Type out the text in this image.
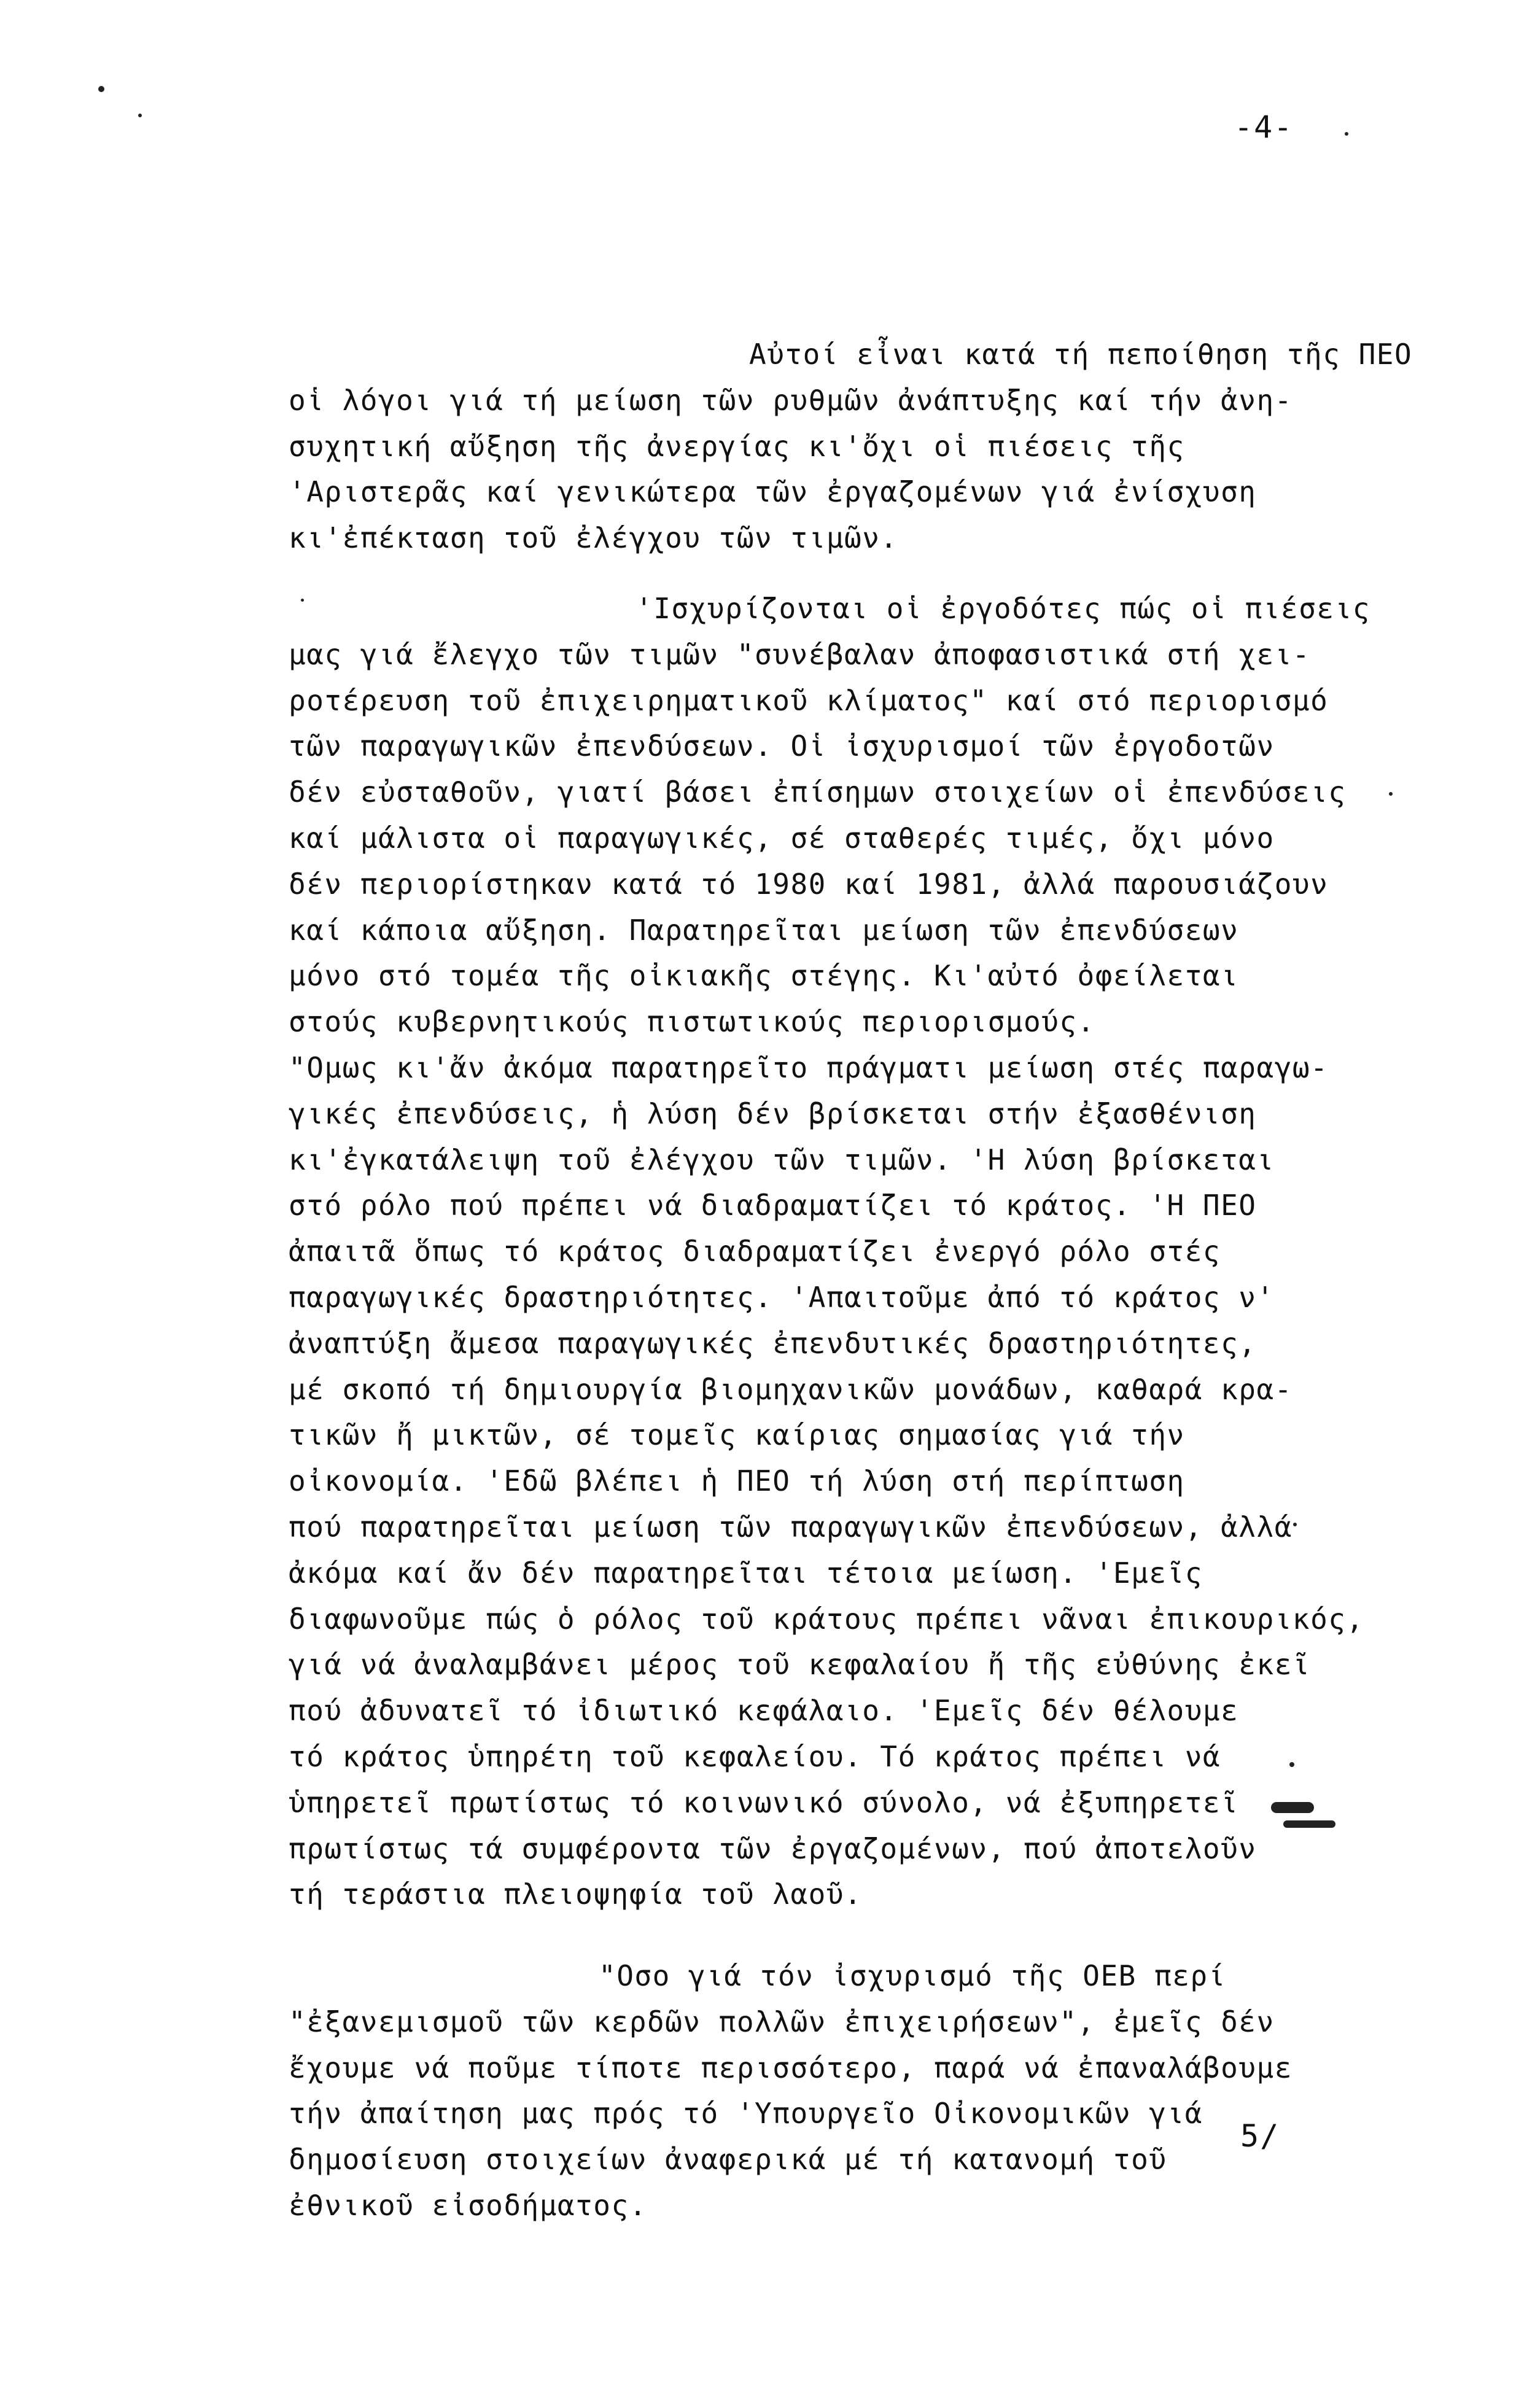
-4-
Αὐτοί εἶναι κατά τή πεποίθηση τῆς ΠΕΟ
οἱ λόγοι γιά τή μείωση τῶν ρυθμῶν ἀνάπτυξης καί τήν ἀνη-
συχητική αὔξηση τῆς ἀνεργίας κι'ὄχι οἱ πιέσεις τῆς
'Αριστερᾶς καί γενικώτερα τῶν ἐργαζομένων γιά ἐνίσχυση
κι'ἐπέκταση τοῦ ἐλέγχου τῶν τιμῶν.
'Ισχυρίζονται οἱ ἐργοδότες πώς οἱ πιέσεις
μας γιά ἔλεγχο τῶν τιμῶν "συνέβαλαν ἀποφασιστικά στή χει-
ροτέρευση τοῦ ἐπιχειρηματικοῦ κλίματος" καί στό περιορισμό
τῶν παραγωγικῶν ἐπενδύσεων. Οἱ ἰσχυρισμοί τῶν ἐργοδοτῶν
δέν εὐσταθοῦν, γιατί βάσει ἐπίσημων στοιχείων οἱ ἐπενδύσεις
καί μάλιστα οἱ παραγωγικές, σέ σταθερές τιμές, ὄχι μόνο
δέν περιορίστηκαν κατά τό 1980 καί 1981, ἀλλά παρουσιάζουν
καί κάποια αὔξηση. Παρατηρεῖται μείωση τῶν ἐπενδύσεων
μόνο στό τομέα τῆς οἰκιακῆς στέγης. Κι'αὐτό ὀφείλεται
στούς κυβερνητικούς πιστωτικούς περιορισμούς.
"Ομως κι'ἄν ἀκόμα παρατηρεῖτο πράγματι μείωση στές παραγω-
γικές ἐπενδύσεις, ἡ λύση δέν βρίσκεται στήν ἐξασθένιση
κι'ἐγκατάλειψη τοῦ ἐλέγχου τῶν τιμῶν. 'Η λύση βρίσκεται
στό ρόλο πού πρέπει νά διαδραματίζει τό κράτος. 'Η ΠΕΟ
ἀπαιτᾶ ὅπως τό κράτος διαδραματίζει ἐνεργό ρόλο στές
παραγωγικές δραστηριότητες. 'Απαιτοῦμε ἀπό τό κράτος ν'
ἀναπτύξη ἄμεσα παραγωγικές ἐπενδυτικές δραστηριότητες,
μέ σκοπό τή δημιουργία βιομηχανικῶν μονάδων, καθαρά κρα-
τικῶν ἤ μικτῶν, σέ τομεῖς καίριας σημασίας γιά τήν
οἰκονομία. 'Εδῶ βλέπει ἡ ΠΕΟ τή λύση στή περίπτωση
πού παρατηρεῖται μείωση τῶν παραγωγικῶν ἐπενδύσεων, ἀλλά
ἀκόμα καί ἄν δέν παρατηρεῖται τέτοια μείωση. 'Εμεῖς
διαφωνοῦμε πώς ὁ ρόλος τοῦ κράτους πρέπει νᾶναι ἐπικουρικός,
γιά νά ἀναλαμβάνει μέρος τοῦ κεφαλαίου ἤ τῆς εὐθύνης ἐκεῖ
πού ἀδυνατεῖ τό ἰδιωτικό κεφάλαιο. 'Εμεῖς δέν θέλουμε
τό κράτος ὑπηρέτη τοῦ κεφαλείου. Τό κράτος πρέπει νά
ὑπηρετεῖ πρωτίστως τό κοινωνικό σύνολο, νά ἐξυπηρετεῖ
πρωτίστως τά συμφέροντα τῶν ἐργαζομένων, πού ἀποτελοῦν
τή τεράστια πλειοψηφία τοῦ λαοῦ.
"Οσο γιά τόν ἰσχυρισμό τῆς ΟΕΒ περί
"ἐξανεμισμοῦ τῶν κερδῶν πολλῶν ἐπιχειρήσεων", ἐμεῖς δέν
ἔχουμε νά ποῦμε τίποτε περισσότερο, παρά νά ἐπαναλάβουμε
τήν ἀπαίτηση μας πρός τό 'Υπουργεῖο Οἰκονομικῶν γιά
δημοσίευση στοιχείων ἀναφερικά μέ τή κατανομή τοῦ
ἐθνικοῦ εἰσοδήματος.
5/
